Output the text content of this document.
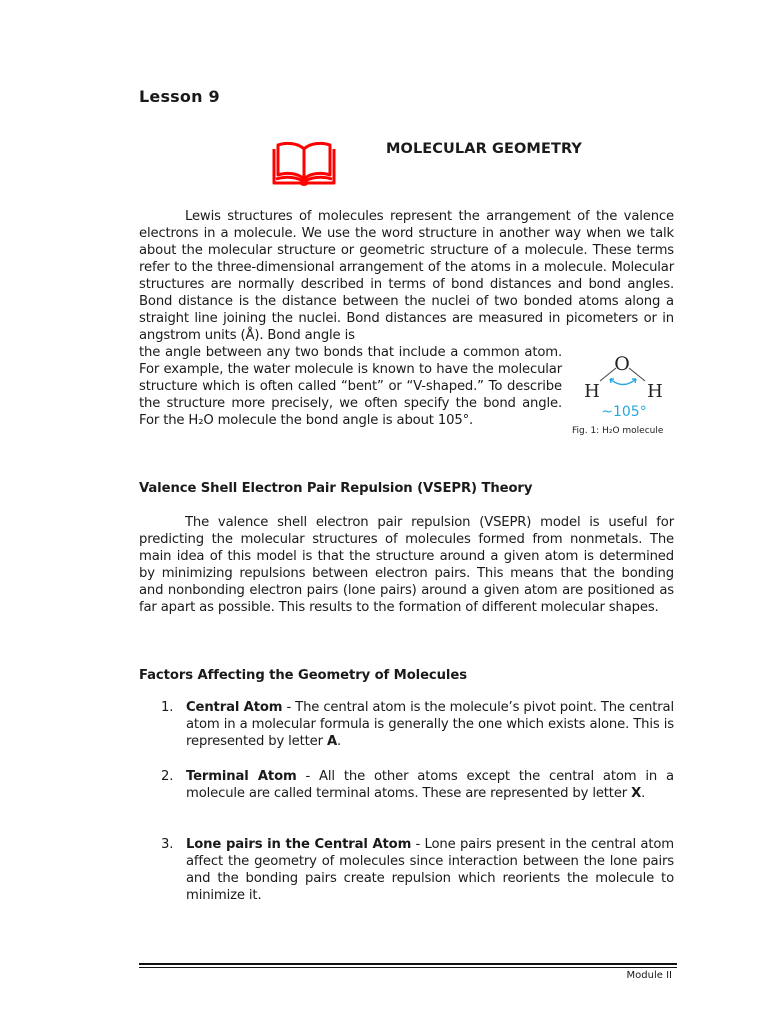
Lesson 9
MOLECULAR GEOMETRY

Lewis structures of molecules represent the arrangement of the valence electrons in a molecule. We use the word structure in another way when we talk about the molecular structure or geometric structure of a molecule. These terms refer to the three-dimensional arrangement of the atoms in a molecule. Molecular structures are normally described in terms of bond distances and bond angles. Bond distance is the distance between the nuclei of two bonded atoms along a straight line joining the nuclei. Bond distances are measured in picometers or in angstrom units (Å). Bond angle is

the angle between any two bonds that include a common atom. For example, the water molecule is known to have the molecular structure which is often called “bent” or “V-shaped.” To describe the structure more precisely, we often specify the bond angle. For the H₂O molecule the bond angle is about 105°.

O
H	H
~105°
Fig. 1: H₂O molecule
Valence Shell Electron Pair Repulsion (VSEPR) Theory

The valence shell electron pair repulsion (VSEPR) model is useful for predicting the molecular structures of molecules formed from nonmetals. The main idea of this model is that the structure around a given atom is determined by minimizing repulsions between electron pairs. This means that the bonding and nonbonding electron pairs (lone pairs) around a given atom are positioned as far apart as possible. This results to the formation of different molecular shapes.

Factors Affecting the Geometry of Molecules
1. Central Atom - The central atom is the molecule’s pivot point. The central atom in a molecular formula is generally the one which exists alone. This is represented by letter A.
2. Terminal Atom - All the other atoms except the central atom in a molecule are called terminal atoms. These are represented by letter X.
3. Lone pairs in the Central Atom - Lone pairs present in the central atom affect the geometry of molecules since interaction between the lone pairs and the bonding pairs create repulsion which reorients the molecule to minimize it.
Module II
